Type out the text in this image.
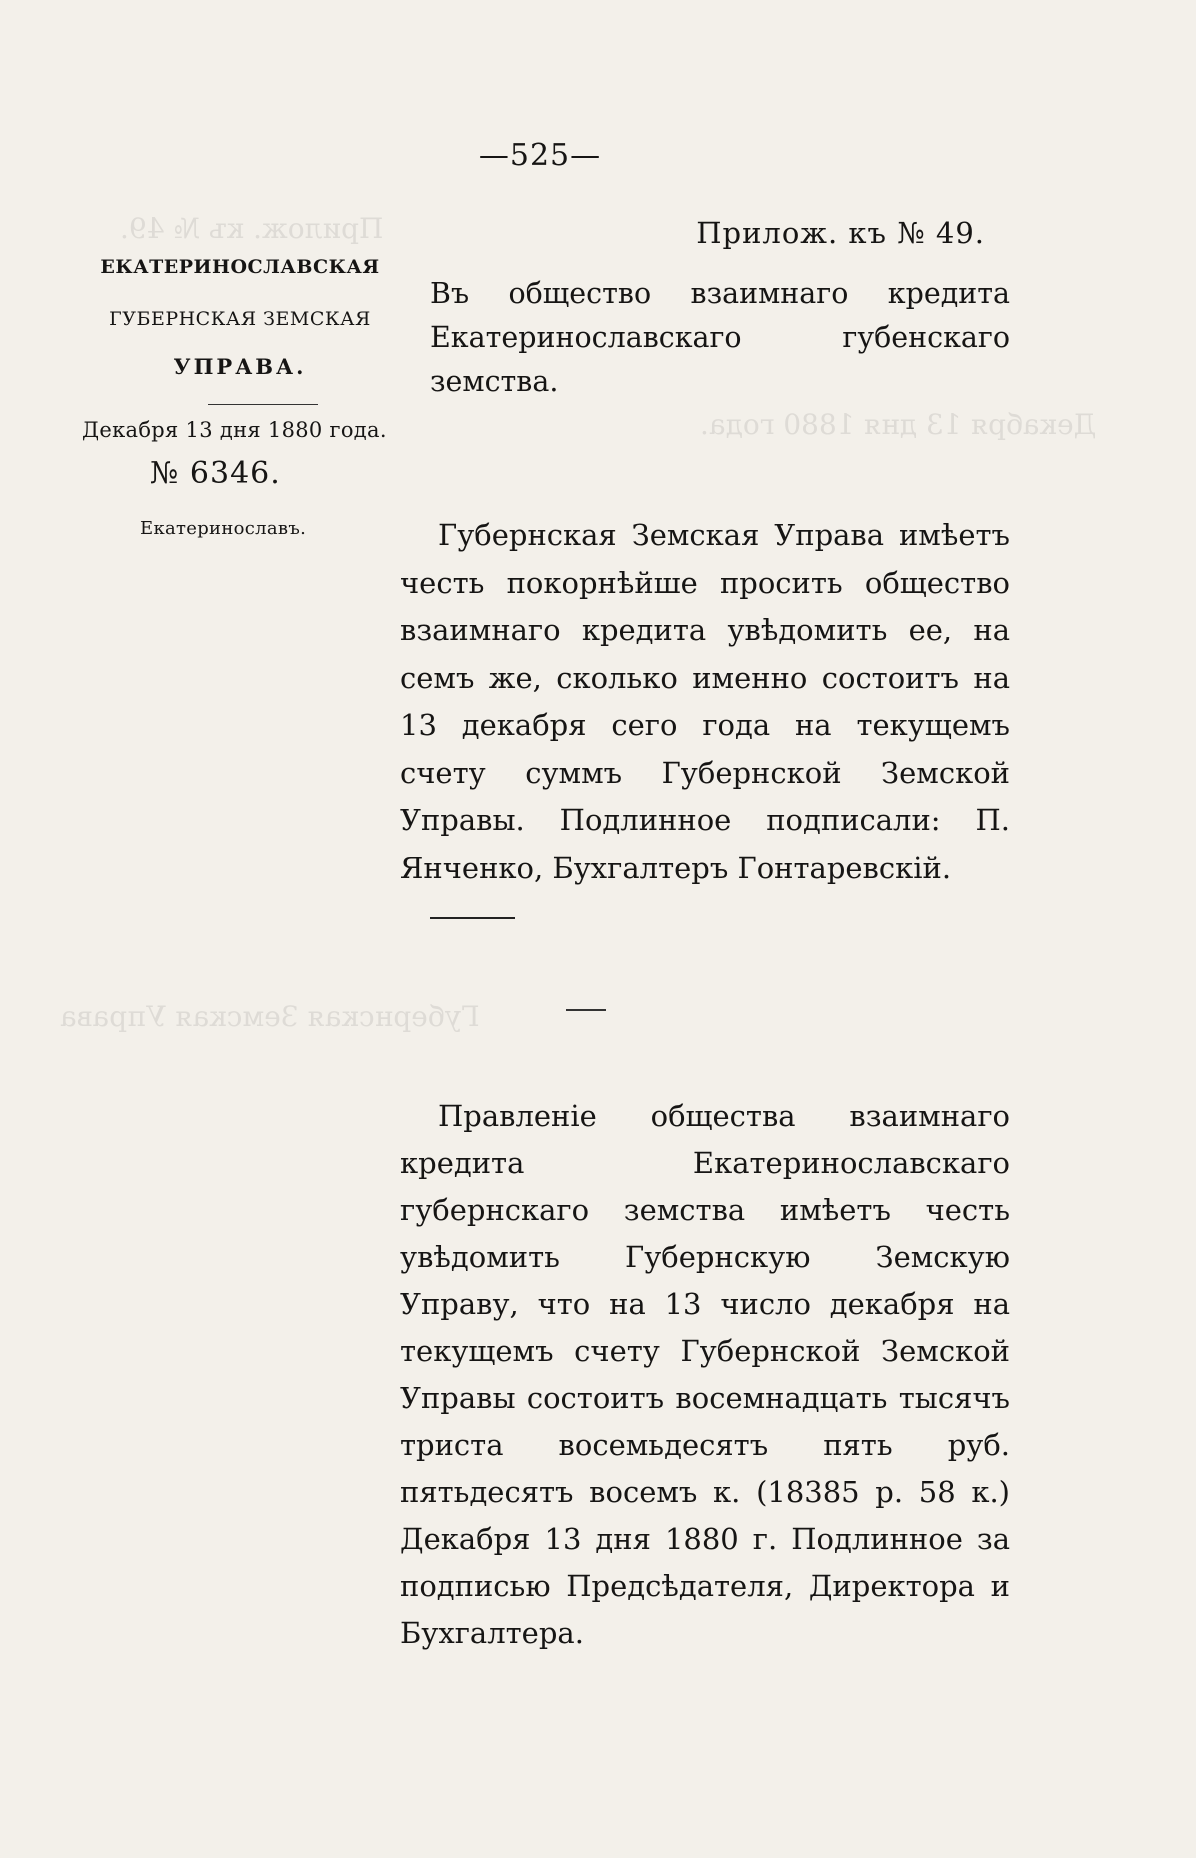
Прилож. къ № 49.
Декабря 13 дня 1880 года.
Губернская Земская Управа
—525—
Прилож. къ № 49.
ЕКАТЕРИНОСЛАВСКАЯ
ГУБЕРНСКАЯ ЗЕМСКАЯ
УПРАВА.
Декабря 13 дня 1880 года.
№ 6346.
Екатеринославъ.
Въ общество взаимнаго кредита Екатеринославскаго губенскаго земства.
Губернская Земская Управа имѣетъ честь покорнѣйше просить общество взаимнаго кредита увѣдомить ее, на семъ же, сколько именно состоитъ на 13 декабря сего года на текущемъ счету суммъ Губернской Земской Управы. Подлинное подписали: П. Янченко, Бухгалтеръ Гонтаревскій.
Правленіе общества взаимнаго кредита Екатеринославскаго губернскаго земства имѣетъ честь увѣдомить Губернскую Земскую Управу, что на 13 число декабря на текущемъ счету Губернской Земской Управы состоитъ восемнадцать тысячъ триста восемьдесятъ пять руб. пятьдесятъ восемъ к. (18385 р. 58 к.) Декабря 13 дня 1880 г. Подлинное за подписью Предсѣдателя, Директора и Бухгалтера.
